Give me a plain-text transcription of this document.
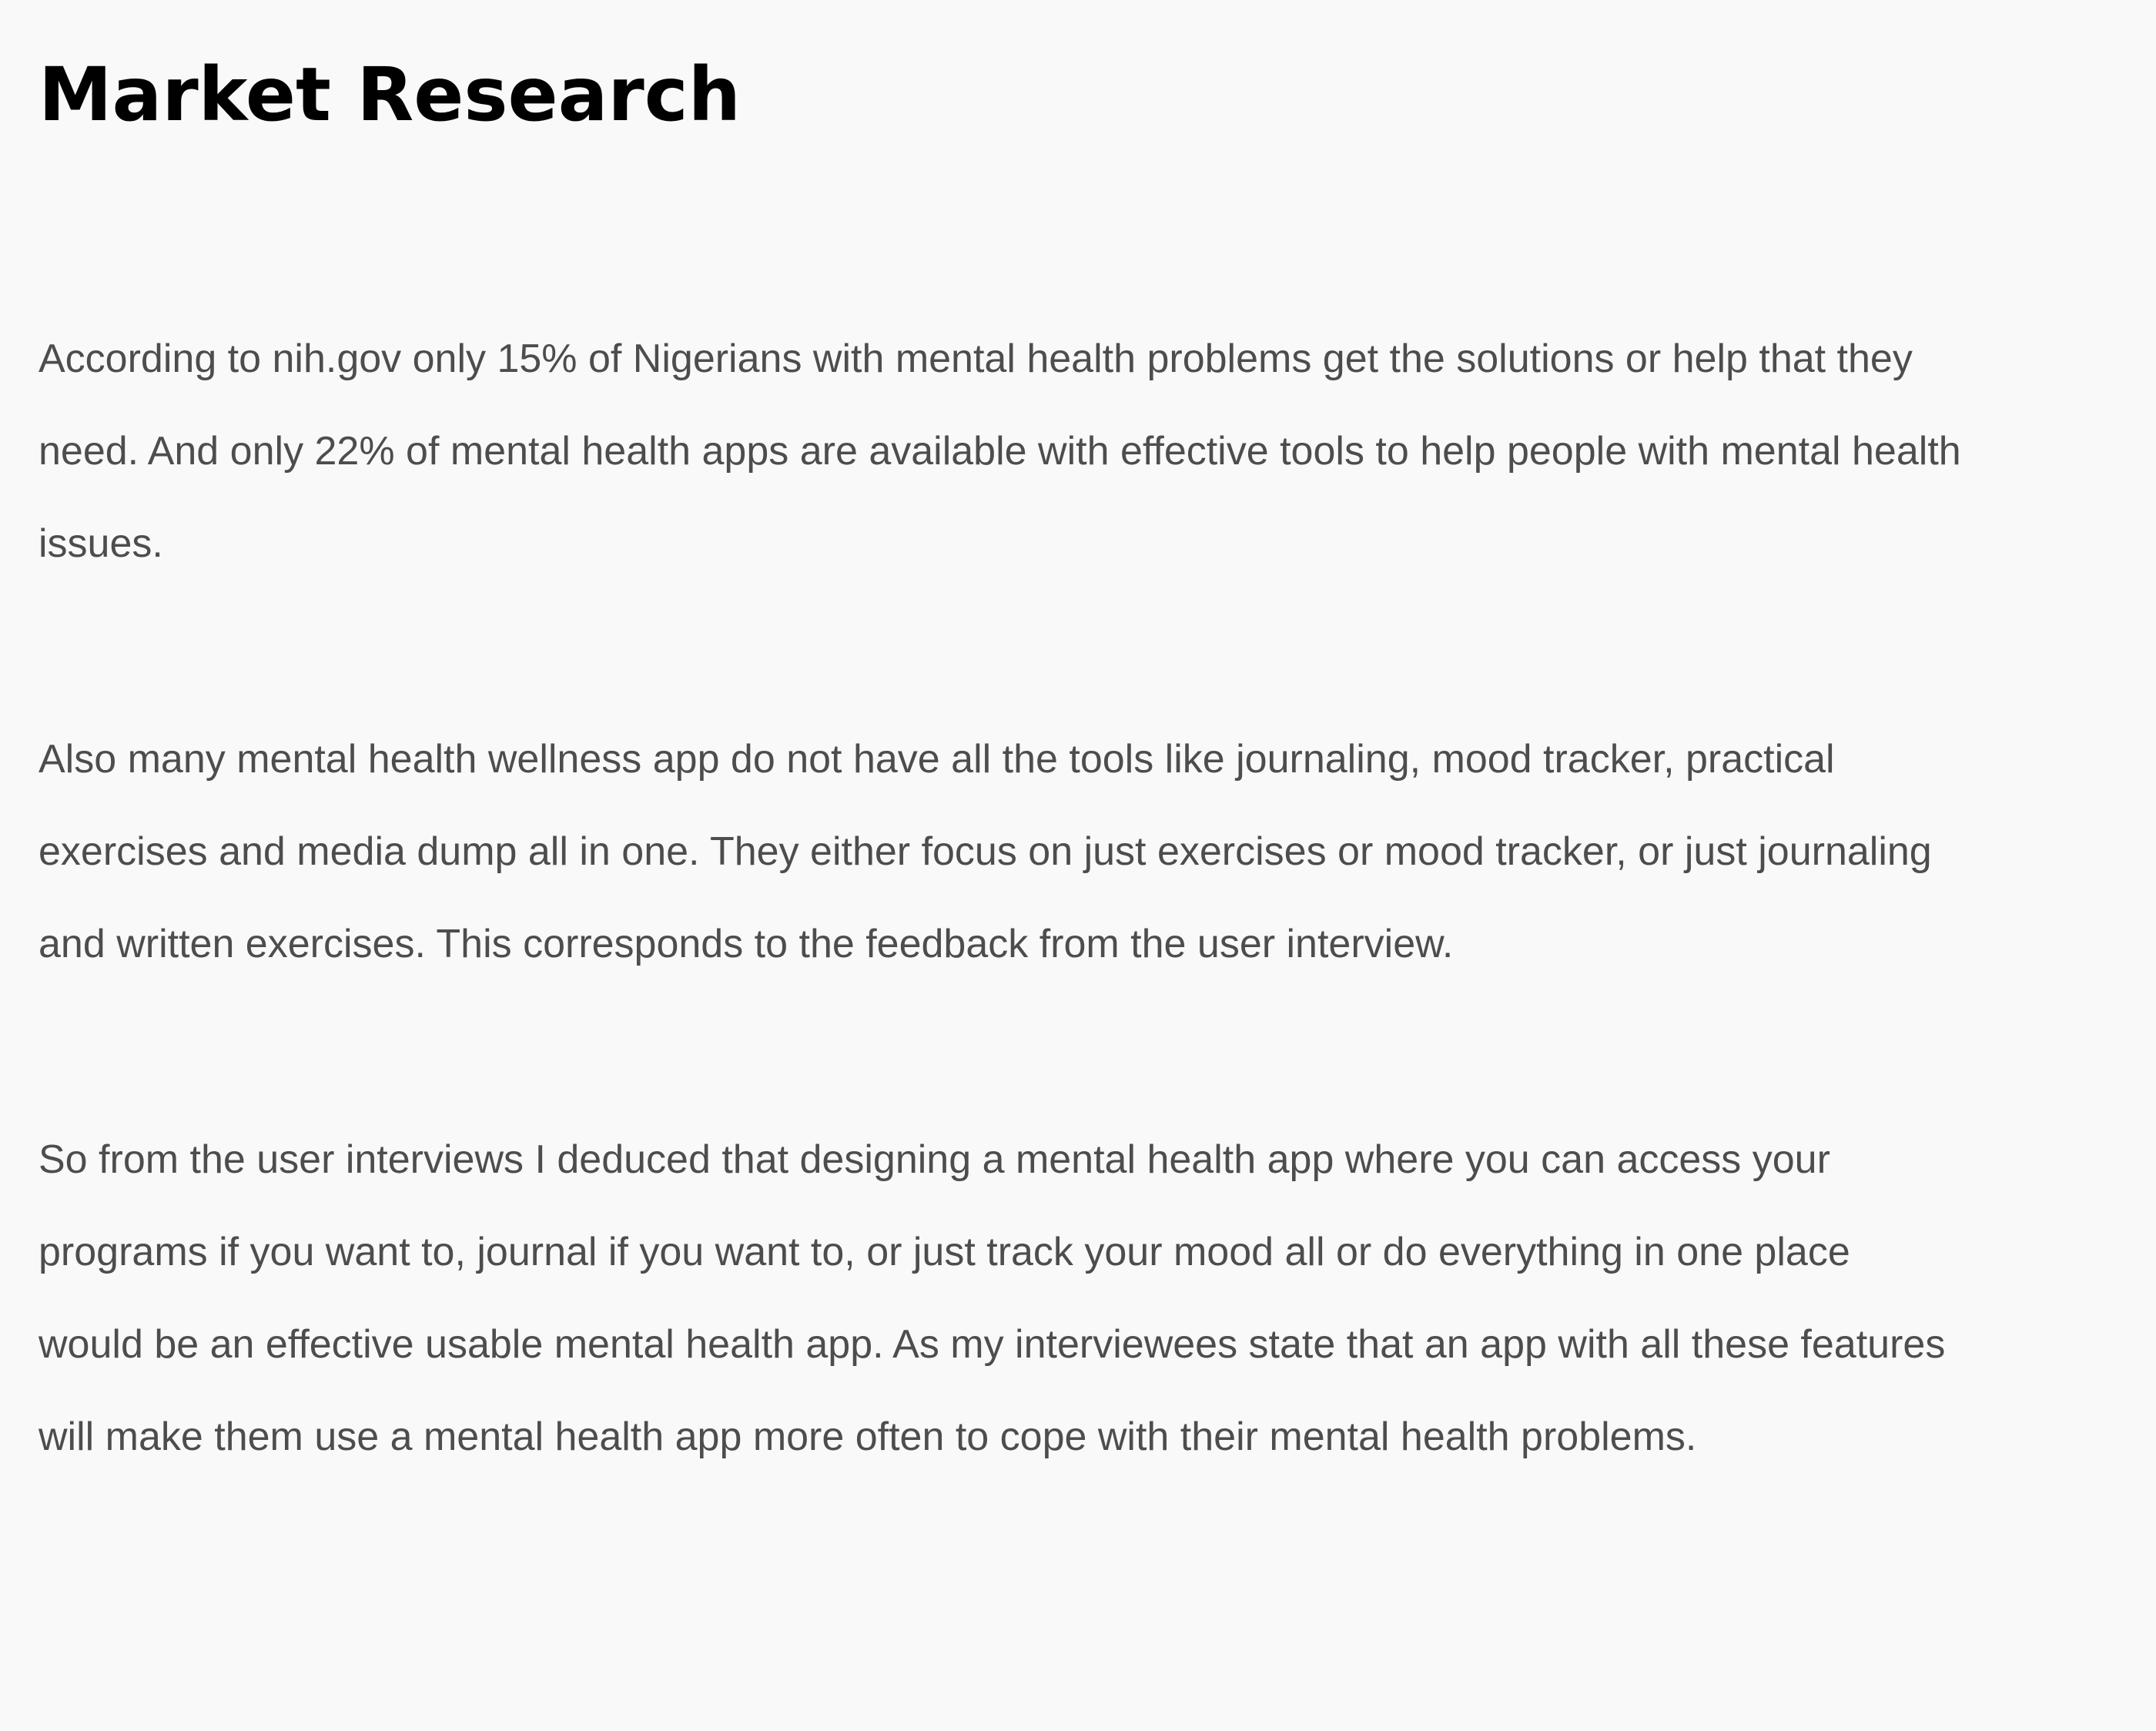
Market Research

According to nih.gov only 15% of Nigerians with mental health problems get the solutions or help that they
need. And only 22% of mental health apps are available with effective tools to help people with mental health
issues.

Also many mental health wellness app do not have all the tools like journaling, mood tracker, practical
exercises and media dump all in one. They either focus on just exercises or mood tracker, or just journaling
and written exercises. This corresponds to the feedback from the user interview.

So from the user interviews I deduced that designing a mental health app where you can access your
programs if you want to, journal if you want to, or just track your mood all or do everything in one place
would be an effective usable mental health app. As my interviewees state that an app with all these features
will make them use a mental health app more often to cope with their mental health problems.
